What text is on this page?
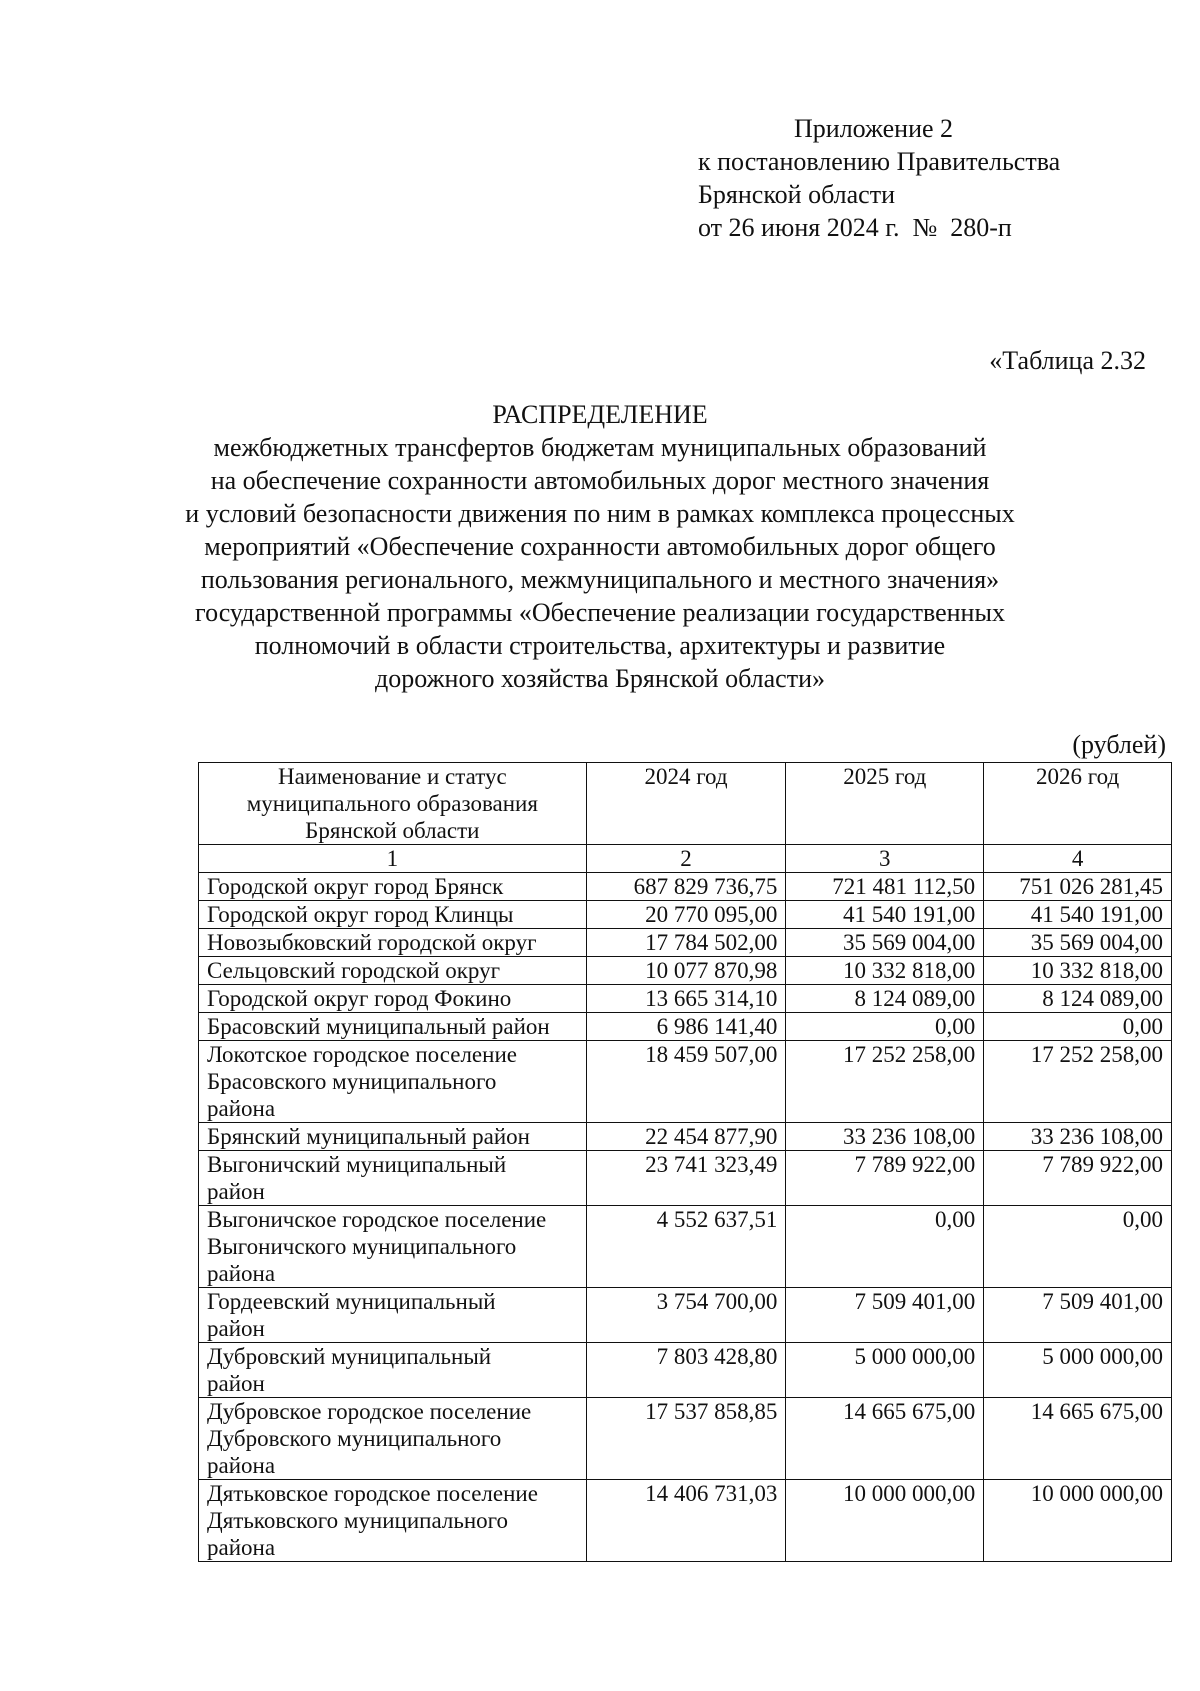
Приложение 2
к постановлению Правительства
Брянской области
от 26 июня 2024 г.  №  280-п
«Таблица 2.32
РАСПРЕДЕЛЕНИЕ
межбюджетных трансфертов бюджетам муниципальных образований
на обеспечение сохранности автомобильных дорог местного значения
и условий безопасности движения по ним в рамках комплекса процессных
мероприятий «Обеспечение сохранности автомобильных дорог общего
пользования регионального, межмуниципального и местного значения»
государственной программы «Обеспечение реализации государственных
полномочий в области строительства, архитектуры и развитие
дорожного хозяйства Брянской области»
(рублей)
Наименование и статус
муниципального образования
Брянской области	2024 год	2025 год	2026 год
1	2	3	4

Городской округ город Брянск	687 829 736,75	721 481 112,50	751 026 281,45

Городской округ город Клинцы	20 770 095,00	41 540 191,00	41 540 191,00

Новозыбковский городской округ	17 784 502,00	35 569 004,00	35 569 004,00

Сельцовский городской округ	10 077 870,98	10 332 818,00	10 332 818,00

Городской округ город Фокино	13 665 314,10	8 124 089,00	8 124 089,00

Брасовский муниципальный район	6 986 141,40	0,00	0,00

Локотское городское поселение
Брасовского муниципального
района	18 459 507,00	17 252 258,00	17 252 258,00

Брянский муниципальный район	22 454 877,90	33 236 108,00	33 236 108,00

Выгоничский муниципальный
район	23 741 323,49	7 789 922,00	7 789 922,00

Выгоничское городское поселение
Выгоничского муниципального
района	4 552 637,51	0,00	0,00

Гордеевский муниципальный
район	3 754 700,00	7 509 401,00	7 509 401,00

Дубровский муниципальный
район	7 803 428,80	5 000 000,00	5 000 000,00

Дубровское городское поселение
Дубровского муниципального
района	17 537 858,85	14 665 675,00	14 665 675,00

Дятьковское городское поселение
Дятьковского муниципального
района	14 406 731,03	10 000 000,00	10 000 000,00
